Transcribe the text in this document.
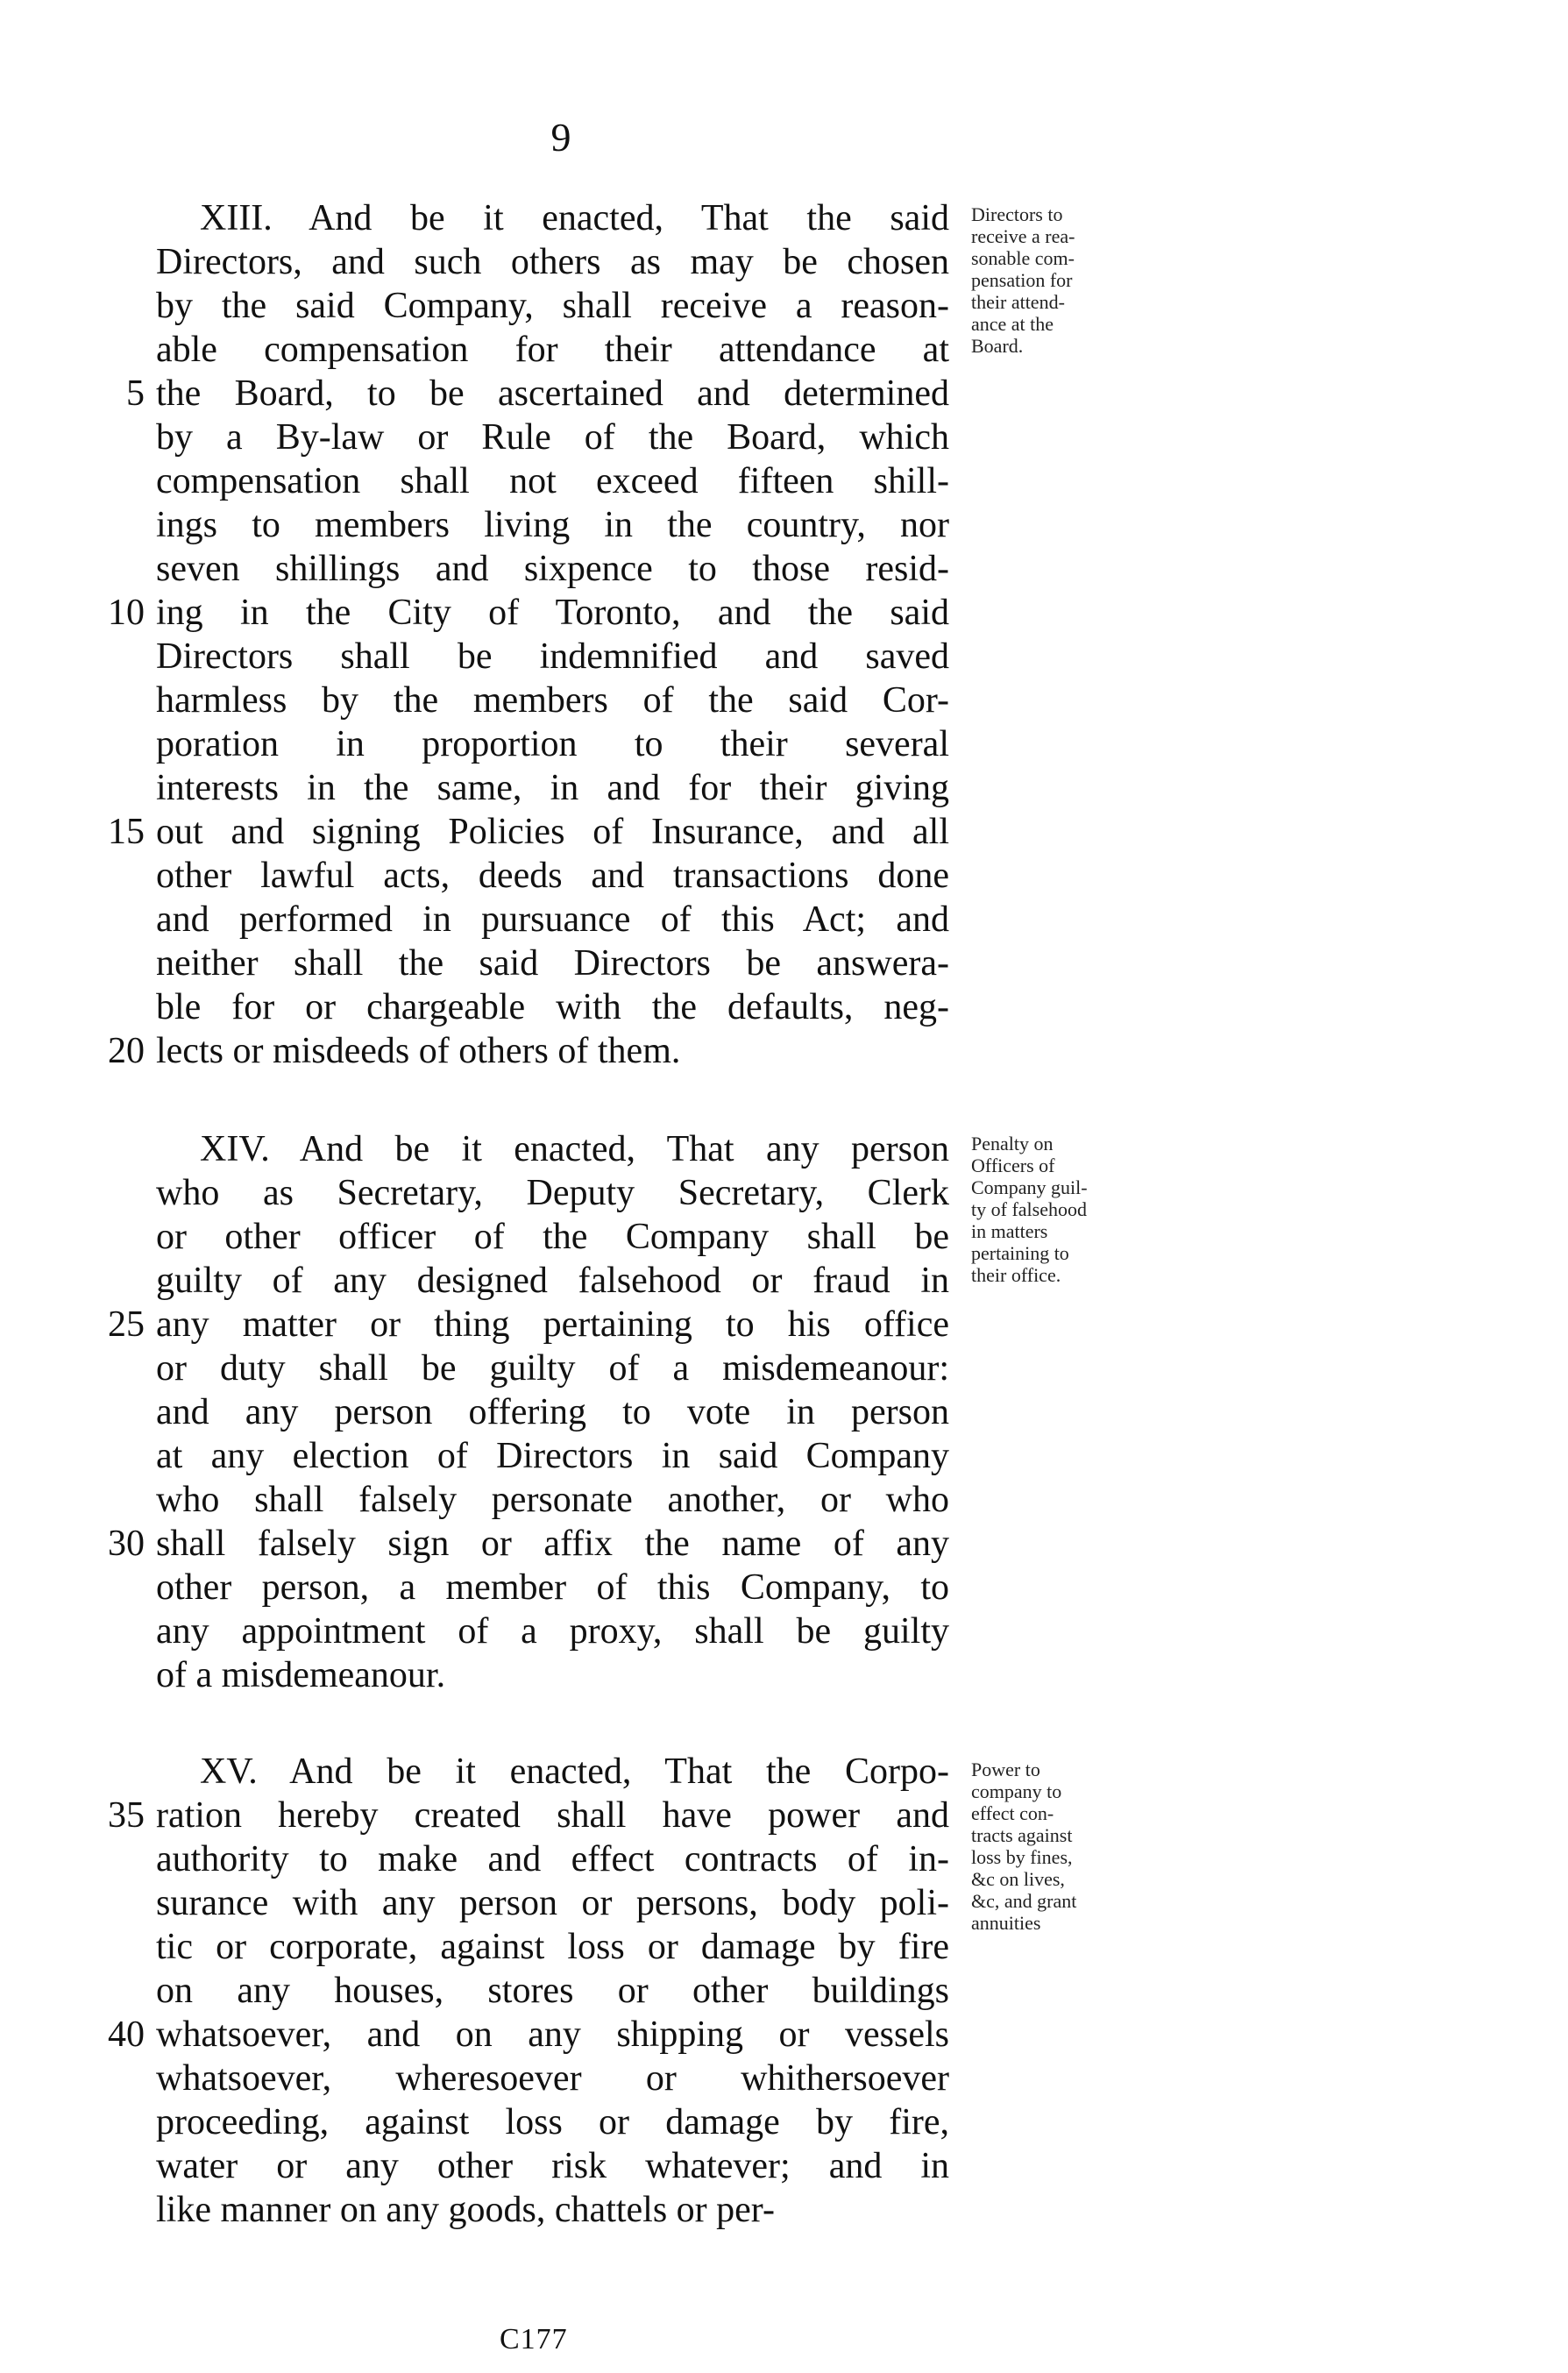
9
XIII. And be it enacted, That the said
Directors, and such others as may be chosen
by the said Company, shall receive a reason-
able compensation for their attendance at
5 the Board, to be ascertained and determined
by a By-law or Rule of the Board, which
compensation shall not exceed fifteen shill-
ings to members living in the country, nor
seven shillings and sixpence to those resid-
10 ing in the City of Toronto, and the said
Directors shall be indemnified and saved
harmless by the members of the said Cor-
poration in proportion to their several
interests in the same, in and for their giving
15 out and signing Policies of Insurance, and all
other lawful acts, deeds and transactions done
and performed in pursuance of this Act; and
neither shall the said Directors be answera-
ble for or chargeable with the defaults, neg-
20 lects or misdeeds of others of them.
Directors to
receive a rea-
sonable com-
pensation for
their attend-
ance at the
Board.
XIV. And be it enacted, That any person
who as Secretary, Deputy Secretary, Clerk
or other officer of the Company shall be
guilty of any designed falsehood or fraud in
25 any matter or thing pertaining to his office
or duty shall be guilty of a misdemeanour:
and any person offering to vote in person
at any election of Directors in said Company
who shall falsely personate another, or who
30 shall falsely sign or affix the name of any
other person, a member of this Company, to
any appointment of a proxy, shall be guilty
of a misdemeanour.
Penalty on
Officers of
Company guil-
ty of falsehood
in matters
pertaining to
their office.
XV. And be it enacted, That the Corpo-
35 ration hereby created shall have power and
authority to make and effect contracts of in-
surance with any person or persons, body poli-
tic or corporate, against loss or damage by fire
on any houses, stores or other buildings
40 whatsoever, and on any shipping or vessels
whatsoever, wheresoever or whithersoever
proceeding, against loss or damage by fire,
water or any other risk whatever; and in
like manner on any goods, chattels or per-
Power to
company to
effect con-
tracts against
loss by fines,
&c on lives,
&c, and grant
annuities
C177
